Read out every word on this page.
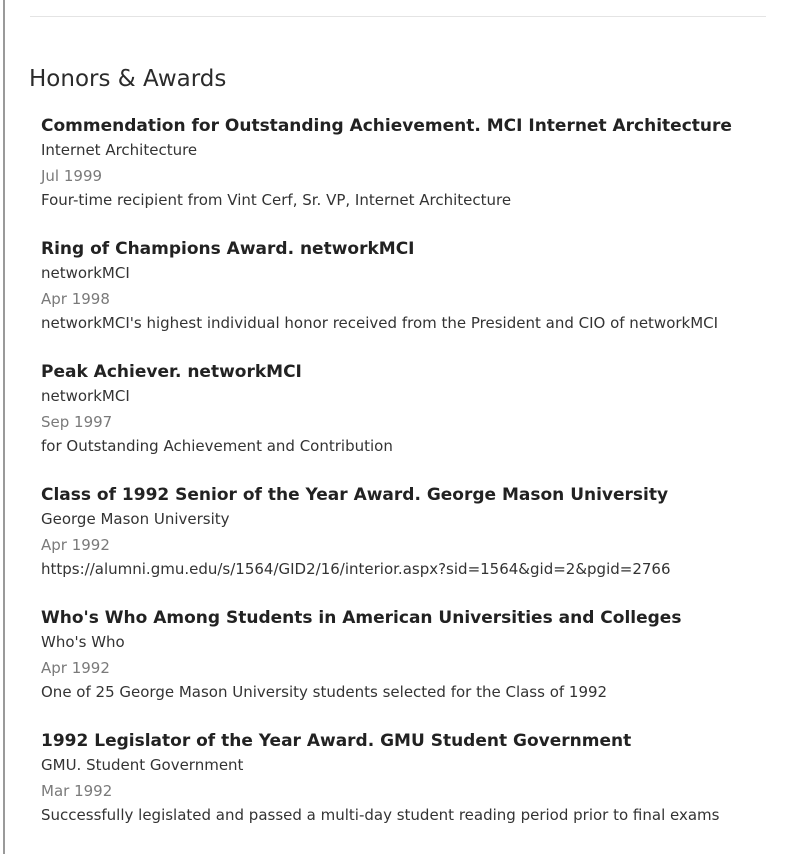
Honors & Awards
Commendation for Outstanding Achievement. MCI Internet Architecture
Internet Architecture
Jul 1999
Four-time recipient from Vint Cerf, Sr. VP, Internet Architecture
Ring of Champions Award. networkMCI
networkMCI
Apr 1998
networkMCI's highest individual honor received from the President and CIO of networkMCI
Peak Achiever. networkMCI
networkMCI
Sep 1997
for Outstanding Achievement and Contribution
Class of 1992 Senior of the Year Award. George Mason University
George Mason University
Apr 1992
https://alumni.gmu.edu/s/1564/GID2/16/interior.aspx?sid=1564&gid=2&pgid=2766
Who's Who Among Students in American Universities and Colleges
Who's Who
Apr 1992
One of 25 George Mason University students selected for the Class of 1992
1992 Legislator of the Year Award. GMU Student Government
GMU. Student Government
Mar 1992
Successfully legislated and passed a multi-day student reading period prior to final exams
